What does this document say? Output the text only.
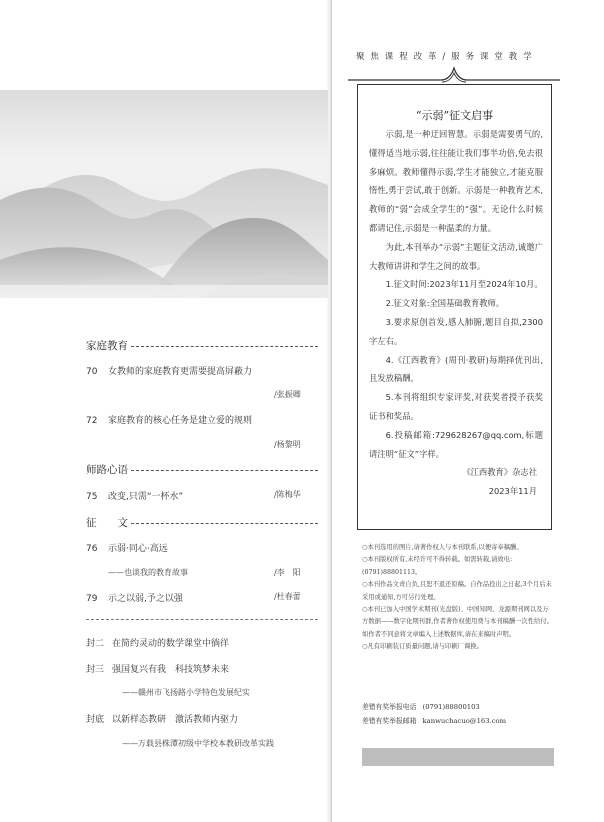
家庭教育
70 女教师的家庭教育更需要提高屏蔽力
/张振卿
72 家庭教育的核心任务是建立爱的规则
/杨黎明
师路心语
75 改变,只需“一杯水”	/陈梅华
征　　文
76 示弱·同心·高远
——也谈我的教育故事	/李　阳
79 示之以弱,予之以强	/杜春蕾
封二 在简约灵动的数学课堂中徜徉
封三 强国复兴有我　科技筑梦未来
——赣州市飞扬路小学特色发展纪实
封底 以新样态教研　激活教师内驱力
——万载县株潭初级中学校本教研改革实践
聚 焦 课 程 改 革 / 服 务 课 堂 教 学
“示弱”征文启事

示弱,是一种迂回智慧。示弱是需要勇气的,懂得适当地示弱,往往能让我们事半功倍,免去很多麻烦。教师懂得示弱,学生才能独立,才能克服惰性,勇于尝试,敢于创新。示弱是一种教育艺术,教师的“弱”会成全学生的“强”。无论什么时候都请记住,示弱是一种温柔的力量。

为此,本刊举办“示弱”主题征文活动,诚邀广大教师讲讲和学生之间的故事。

1.征文时间:2023年11月至2024年10月。

2.征文对象:全国基础教育教师。

3.要求原创首发,感人肺腑,题目自拟,2300字左右。

4.《江西教育》(周刊·教研)每期择优刊出,且发放稿酬。

5.本刊将组织专家评奖,对获奖者授予获奖证书和奖品。

6.投稿邮箱:729628267@qq.com,标题请注明“征文”字样。

《江西教育》杂志社

2023年11月

○本刊选用的图片,请著作权人与本刊联系,以便寄奉稿酬。

○本刊版权所有,未经许可不得转载。如需转载,请致电:(0791)88801113。

○本刊作品文责自负,且恕不退还原稿。自作品投出之日起,3个月后未采用或通知,方可另行处理。

○本刊已加入中国学术期刊(光盘版)、中国知网、龙源期刊网以及万方数据——数字化期刊群,作者著作权使用费与本刊稿酬一次性给付。如作者不同意将文章编入上述数据库,请在来稿时声明。

○凡有印刷装订质量问题,请与印刷厂调换。

差错有奖举报电话 (0791)88800103

差错有奖举报邮箱 kanwuchacuo@163.com
